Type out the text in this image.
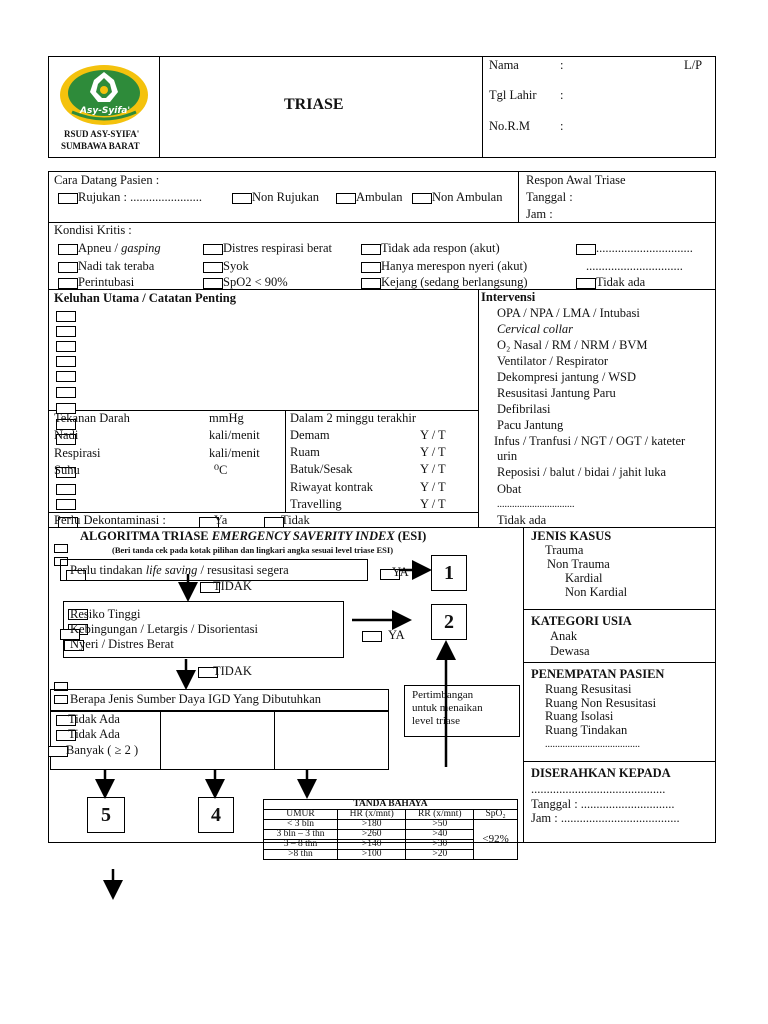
Asy-Syifa'
RSUD ASY-SYIFA'
SUMBAWA BARAT
TRIASE
Nama	:	L/P
Tgl Lahir :
No.R.M :
Cara Datang Pasien :
Rujukan : .......................	Non Rujukan	Ambulan Non Ambulan
Respon Awal Triase
Tanggal :
Jam :
Kondisi Kritis :
Apneu / gasping	Distres respirasi berat	Tidak ada respon (akut)	...............................
Nadi tak teraba	Syok	Hanya merespon nyeri (akut)	...............................
Perintubasi	SpO2 < 90%	Kejang (sedang berlangsung)	Tidak ada
Keluhan Utama / Catatan Penting
Tekanan Darah	mmHg
Nadi	kali/menit
Respirasi	kali/menit
Suhu	⁰C
Dalam 2 minggu terakhir
Demam	Y / T
Ruam	Y / T
Batuk/Sesak	Y / T
Riwayat kontrak	Y / T
Travelling	Y / T
Perlu Dekontaminasi :	Ya	Tidak
Intervensi
OPA / NPA / LMA / Intubasi
Cervical collar
O₂ Nasal / RM / NRM / BVM
Ventilator / Respirator
Dekompresi jantung / WSD
Resusitasi Jantung Paru
Defibrilasi
Pacu Jantung
Infus / Tranfusi / NGT / OGT / kateter
urin
Reposisi / balut / bidai / jahit luka
Obat
...............................
Tidak ada
ALGORITMA TRIASE EMERGENCY SAVERITY INDEX (ESI)
(Beri tanda cek pada kotak pilihan dan lingkari angka sesuai level triase ESI)
Perlu tindakan life saving / resusitasi segera	YA
TIDAK
1
Resiko Tinggi
Kebingungan / Letargis / Disorientasi
Nyeri / Distres Berat
YA
TIDAK
2
Berapa Jenis Sumber Daya IGD Yang Dibutuhkan
Tidak Ada
Tidak Ada
Banyak ( ≥ 2 )
5	4
Pertimbangan
untuk menaikan
level triase
TANDA BAHAYA			
UMUR	HR (x/mnt)	RR (x/mnt)	SpO₂
< 3 bln	>180	>50	<92%
3 bln – 3 thn	>260	>40	
3 – 8 thn	>140	>30	
>8 thn	>100	>20	
JENIS KASUS
Trauma
Non Trauma
Kardial
Non Kardial
KATEGORI USIA
Anak
Dewasa
PENEMPATAN PASIEN
Ruang Resusitasi
Ruang Non Resusitasi
Ruang Isolasi
Ruang Tindakan
......................................
DISERAHKAN KEPADA
...........................................
Tanggal : ..............................
Jam : ......................................
